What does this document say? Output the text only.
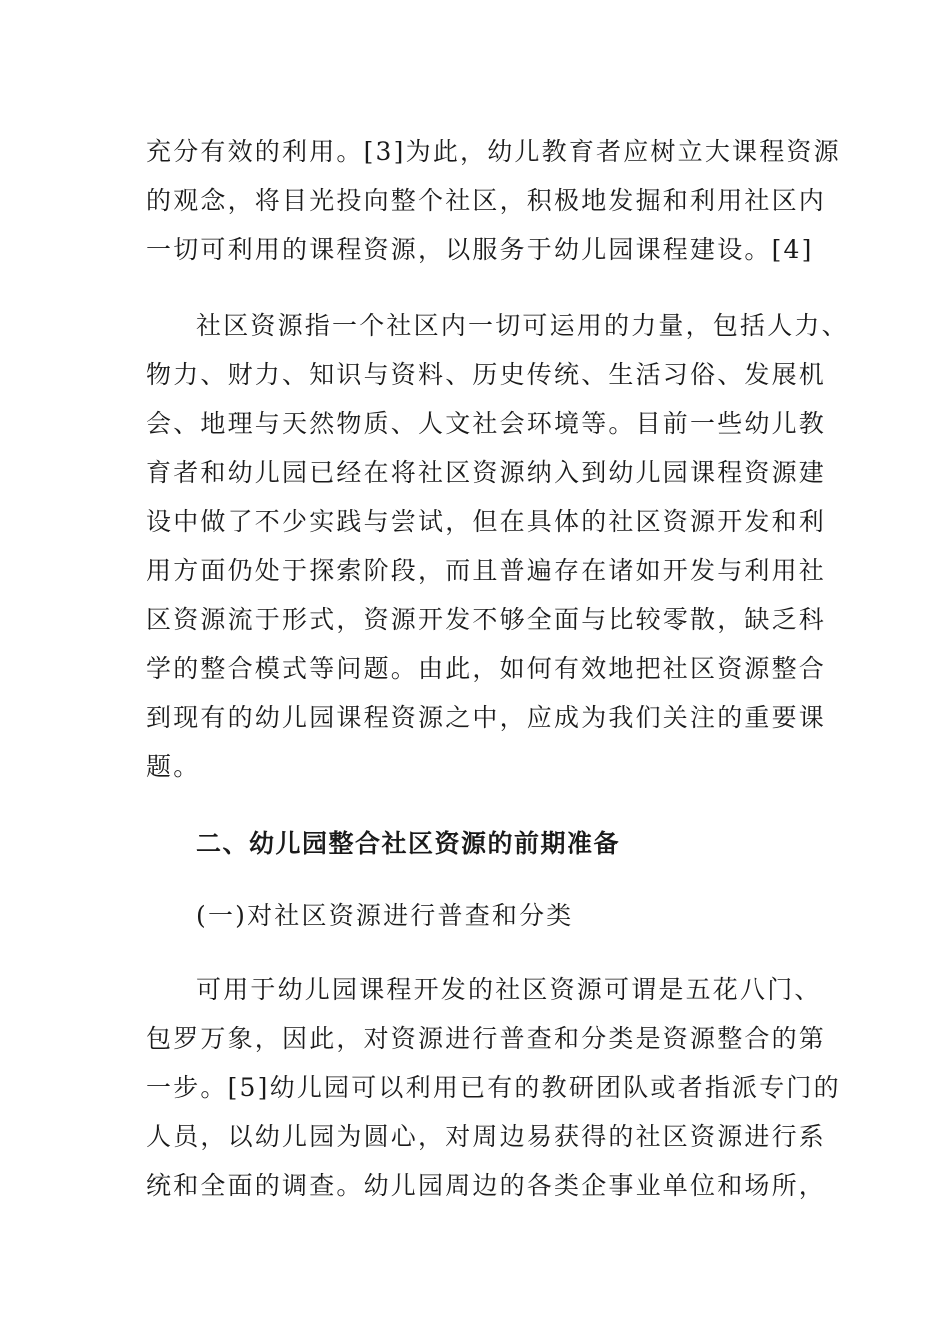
充分有效的利用。[3]为此，幼儿教育者应树立大课程资源
的观念，将目光投向整个社区，积极地发掘和利用社区内
一切可利用的课程资源，以服务于幼儿园课程建设。[4]
社区资源指一个社区内一切可运用的力量，包括人力、
物力、财力、知识与资料、历史传统、生活习俗、发展机
会、地理与天然物质、人文社会环境等。目前一些幼儿教
育者和幼儿园已经在将社区资源纳入到幼儿园课程资源建
设中做了不少实践与尝试，但在具体的社区资源开发和利
用方面仍处于探索阶段，而且普遍存在诸如开发与利用社
区资源流于形式，资源开发不够全面与比较零散，缺乏科
学的整合模式等问题。由此，如何有效地把社区资源整合
到现有的幼儿园课程资源之中，应成为我们关注的重要课
题。
二、幼儿园整合社区资源的前期准备
(一)对社区资源进行普查和分类
可用于幼儿园课程开发的社区资源可谓是五花八门、
包罗万象，因此，对资源进行普查和分类是资源整合的第
一步。[5]幼儿园可以利用已有的教研团队或者指派专门的
人员，以幼儿园为圆心，对周边易获得的社区资源进行系
统和全面的调查。幼儿园周边的各类企事业单位和场所，
